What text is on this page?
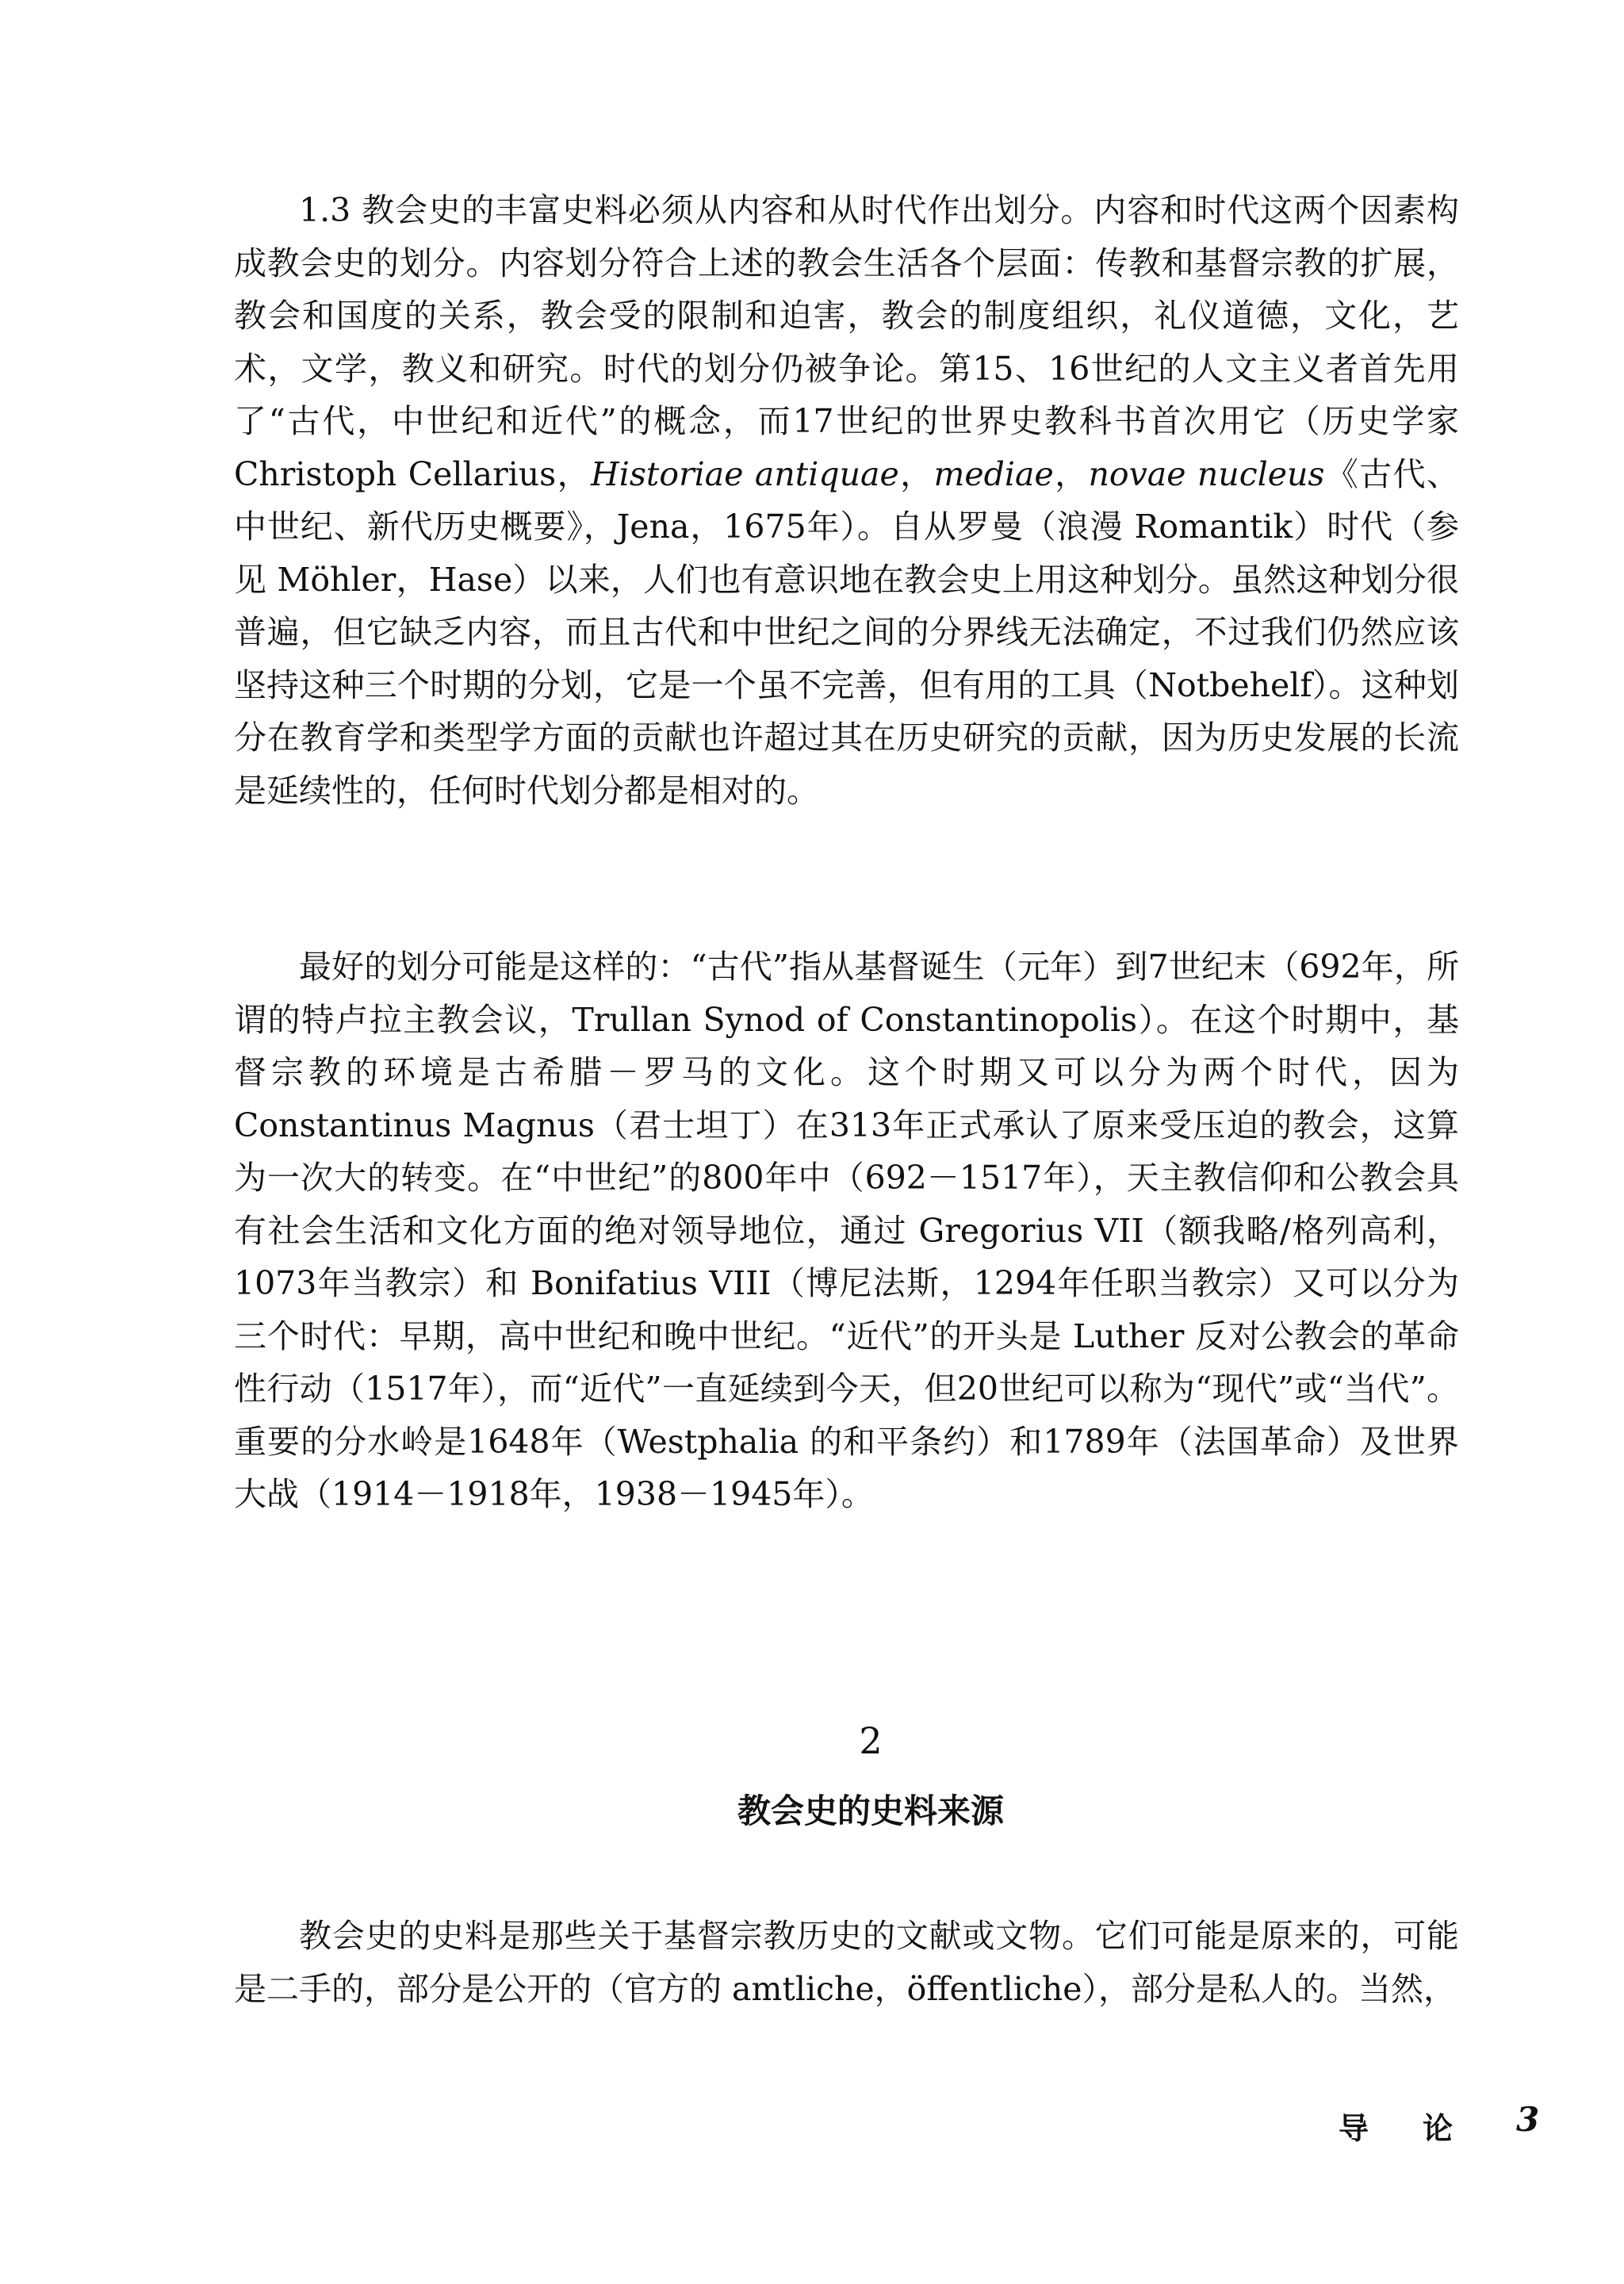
1.3 教会史的丰富史料必须从内容和从时代作出划分。内容和时代这两个因素构成教会史的划分。内容划分符合上述的教会生活各个层面：传教和基督宗教的扩展，教会和国度的关系，教会受的限制和迫害，教会的制度组织，礼仪道德，文化，艺术，文学，教义和研究。时代的划分仍被争论。第15、16世纪的人文主义者首先用了“古代，中世纪和近代”的概念，而17世纪的世界史教科书首次用它（历史学家 Christoph Cellarius，Historiae antiquae，mediae，novae nucleus《古代、中世纪、新代历史概要》，Jena，1675年）。自从罗曼（浪漫 Romantik）时代（参见 Möhler，Hase）以来，人们也有意识地在教会史上用这种划分。虽然这种划分很普遍，但它缺乏内容，而且古代和中世纪之间的分界线无法确定，不过我们仍然应该坚持这种三个时期的分划，它是一个虽不完善，但有用的工具（Notbehelf）。这种划分在教育学和类型学方面的贡献也许超过其在历史研究的贡献，因为历史发展的长流是延续性的，任何时代划分都是相对的。

最好的划分可能是这样的：“古代”指从基督诞生（元年）到7世纪末（692年，所谓的特卢拉主教会议，Trullan Synod of Constantinopolis）。在这个时期中，基督宗教的环境是古希腊－罗马的文化。这个时期又可以分为两个时代，因为 Constantinus Magnus（君士坦丁）在313年正式承认了原来受压迫的教会，这算为一次大的转变。在“中世纪”的800年中（692－1517年），天主教信仰和公教会具有社会生活和文化方面的绝对领导地位，通过 Gregorius VII（额我略/格列高利，1073年当教宗）和 Bonifatius VIII（博尼法斯，1294年任职当教宗）又可以分为三个时代：早期，高中世纪和晚中世纪。“近代”的开头是 Luther 反对公教会的革命性行动（1517年），而“近代”一直延续到今天，但20世纪可以称为“现代”或“当代”。重要的分水岭是1648年（Westphalia 的和平条约）和1789年（法国革命）及世界大战（1914－1918年，1938－1945年）。

2

教会史的史料来源

教会史的史料是那些关于基督宗教历史的文献或文物。它们可能是原来的，可能是二手的，部分是公开的（官方的 amtliche，öffentliche），部分是私人的。当然，

导论 3
